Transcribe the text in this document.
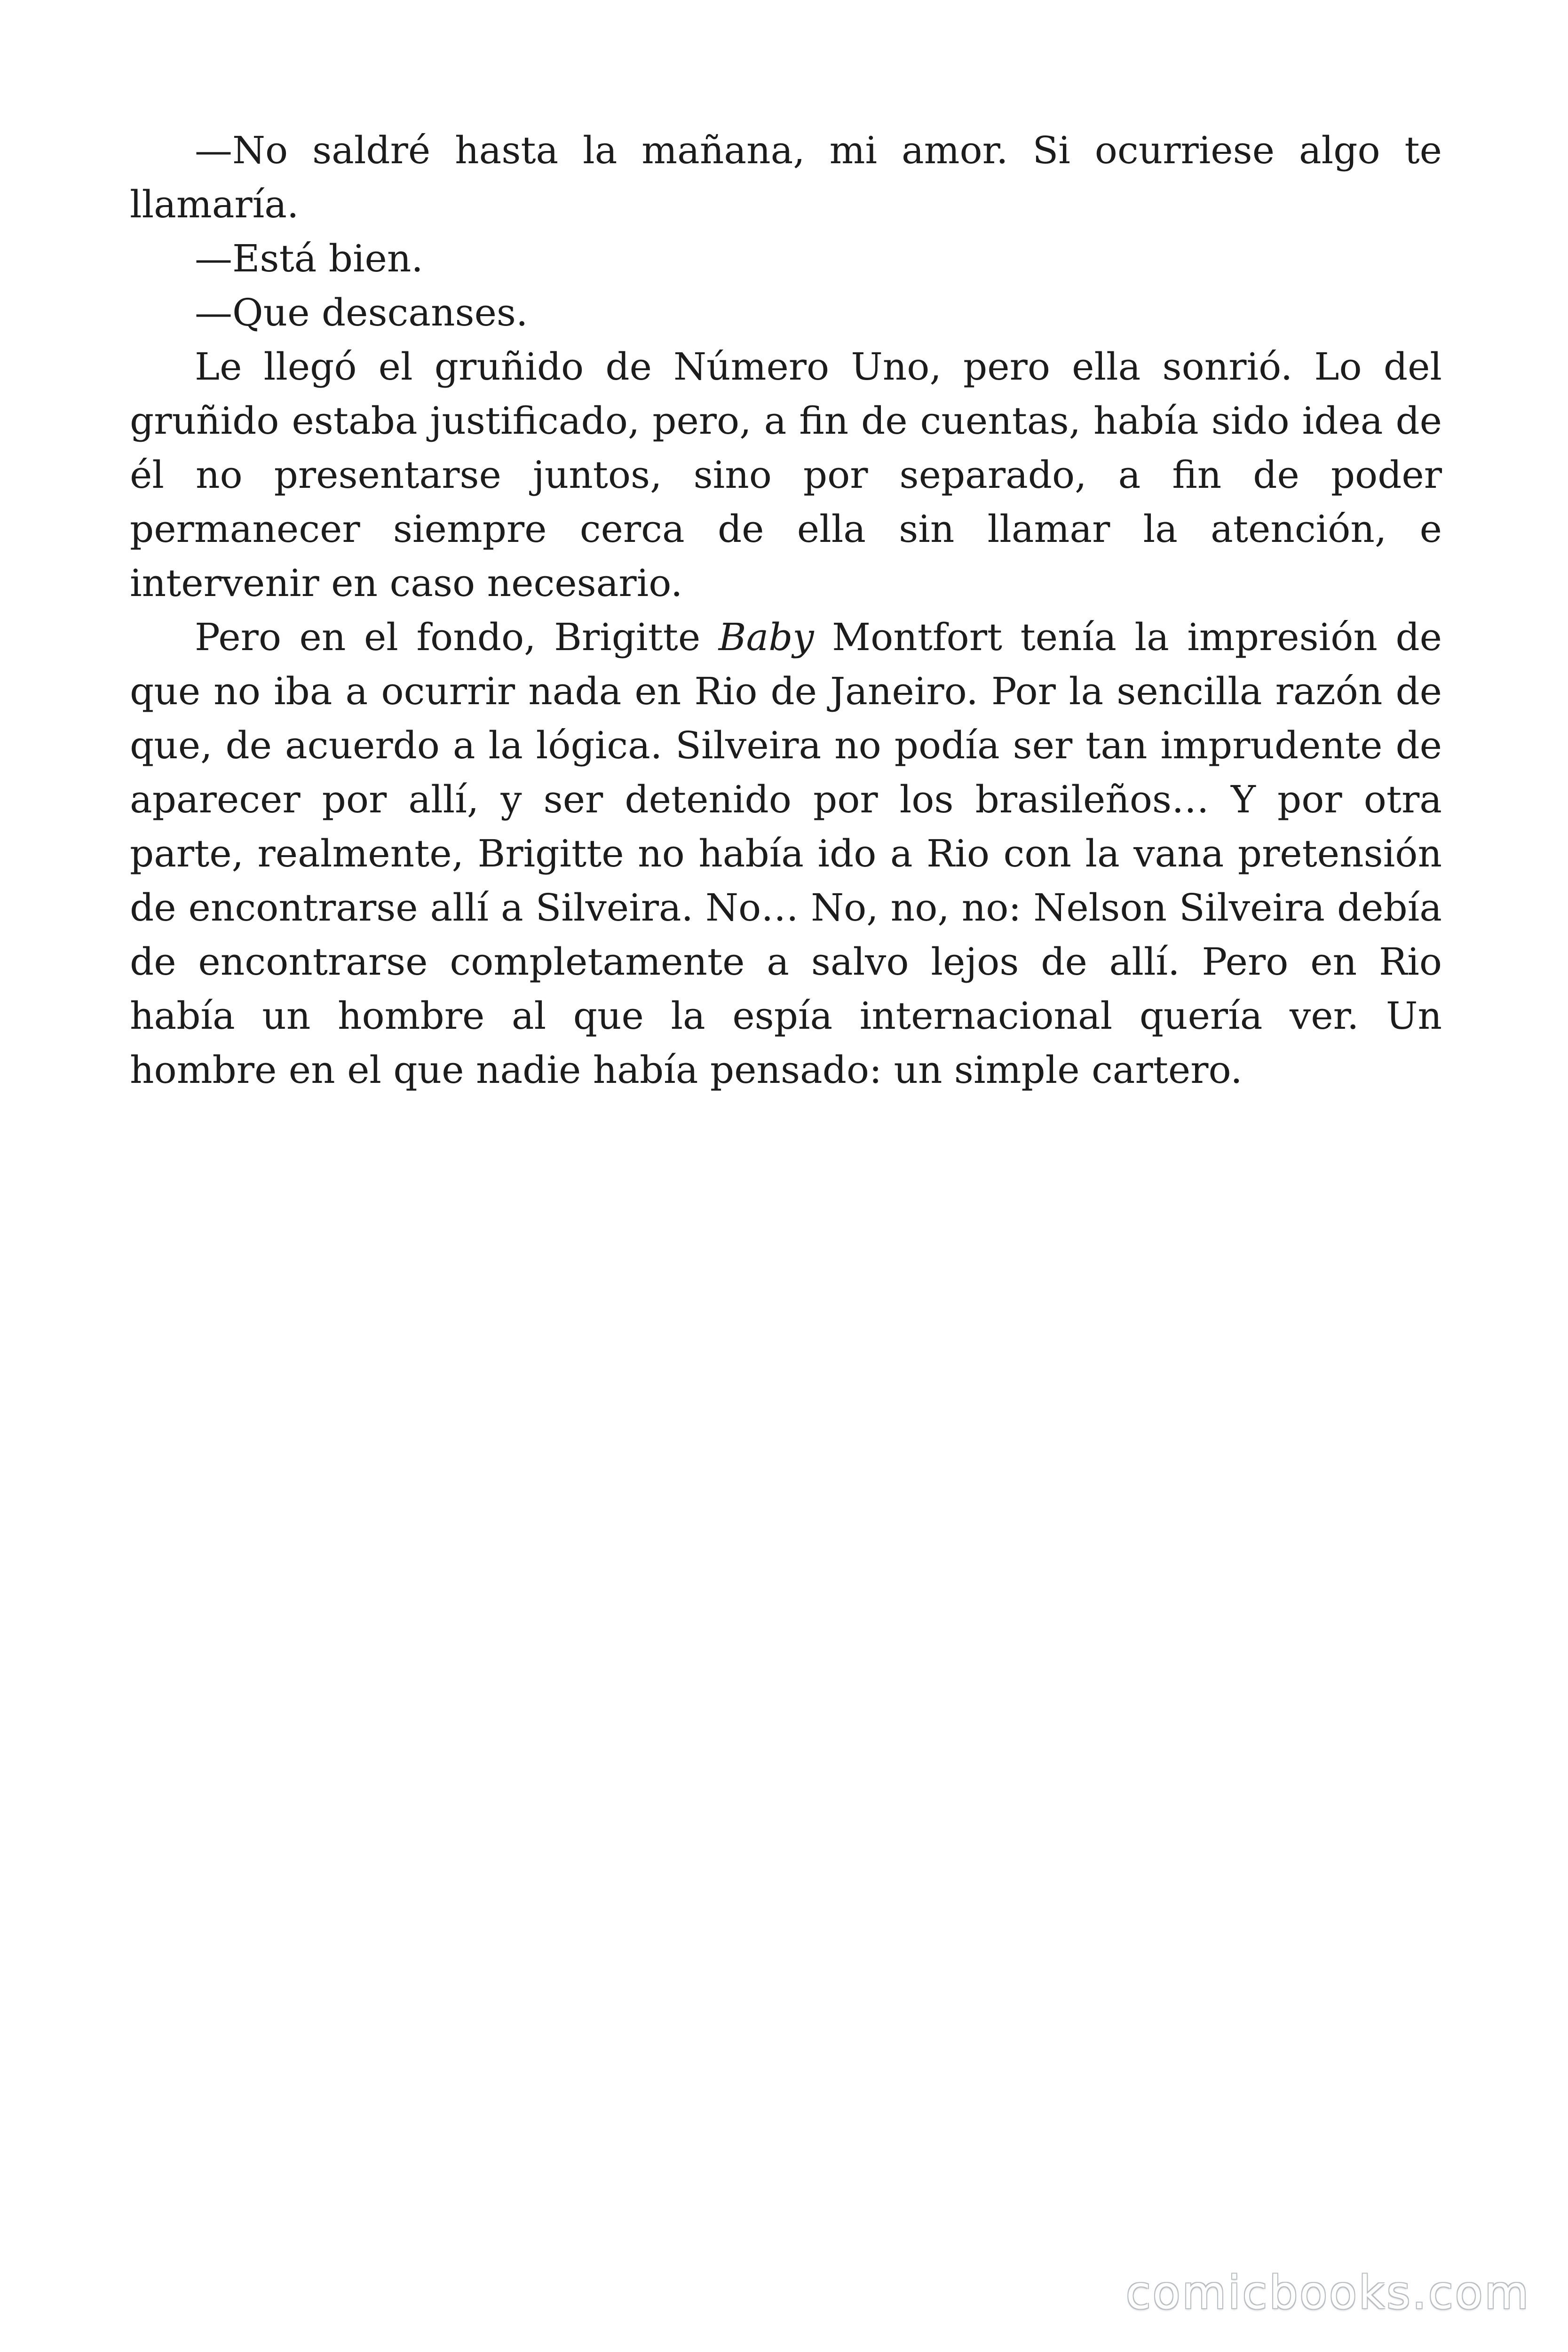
—No saldré hasta la mañana, mi amor. Si ocurriese algo te llamaría.

—Está bien.

—Que descanses.

Le llegó el gruñido de Número Uno, pero ella sonrió. Lo del gruñido estaba justificado, pero, a fin de cuentas, había sido idea de él no presentarse juntos, sino por separado, a fin de poder permanecer siempre cerca de ella sin llamar la atención, e intervenir en caso necesario.

Pero en el fondo, Brigitte Baby Montfort tenía la impresión de que no iba a ocurrir nada en Rio de Janeiro. Por la sencilla razón de que, de acuerdo a la lógica. Silveira no podía ser tan imprudente de aparecer por allí, y ser detenido por los brasileños… Y por otra parte, realmente, Brigitte no había ido a Rio con la vana pretensión de encontrarse allí a Silveira. No… No, no, no: Nelson Silveira debía de encontrarse completamente a salvo lejos de allí. Pero en Rio había un hombre al que la espía internacional quería ver. Un hombre en el que nadie había pensado: un simple cartero.

comicbooks.com
